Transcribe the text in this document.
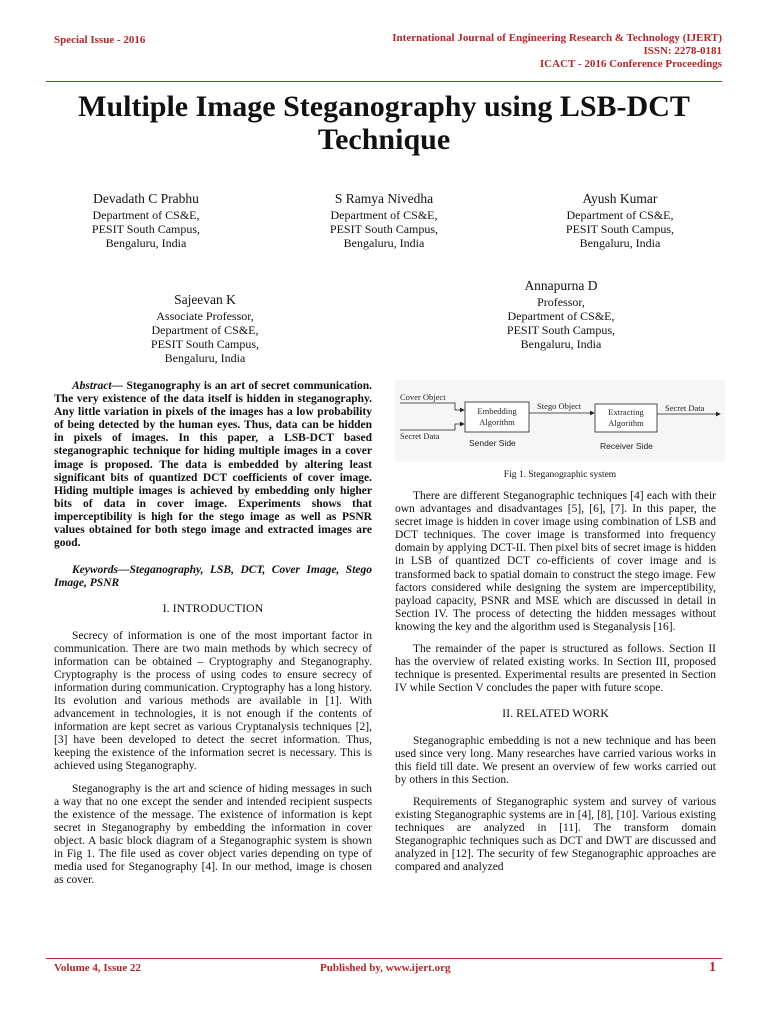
Special Issue - 2016	International Journal of Engineering Research & Technology (IJERT)
ISSN: 2278-0181
ICACT - 2016 Conference Proceedings
Multiple Image Steganography using LSB-DCT
Technique
Devadath C Prabhu
Department of CS&E,
PESIT South Campus,
Bengaluru, India
S Ramya Nivedha
Department of CS&E,
PESIT South Campus,
Bengaluru, India
Ayush Kumar
Department of CS&E,
PESIT South Campus,
Bengaluru, India
Annapurna D
Professor,
Department of CS&E,
PESIT South Campus,
Bengaluru, India
Sajeevan K
Associate Professor,
Department of CS&E,
PESIT South Campus,
Bengaluru, India

Abstract— Steganography is an art of secret communication. The very existence of the data itself is hidden in steganography. Any little variation in pixels of the images has a low probability of being detected by the human eyes. Thus, data can be hidden in pixels of images. In this paper, a LSB-DCT based steganographic technique for hiding multiple images in a cover image is proposed. The data is embedded by altering least significant bits of quantized DCT coefficients of cover image. Hiding multiple images is achieved by embedding only higher bits of data in cover image. Experiments shows that imperceptibility is high for the stego image as well as PSNR values obtained for both stego image and extracted images are good.

Keywords—Steganography, LSB, DCT, Cover Image, Stego Image, PSNR

I. INTRODUCTION

Secrecy of information is one of the most important factor in communication. There are two main methods by which secrecy of information can be obtained – Cryptography and Steganography. Cryptography is the process of using codes to ensure secrecy of information during communication. Cryptography has a long history. Its evolution and various methods are available in [1]. With advancement in technologies, it is not enough if the contents of information are kept secret as various Cryptanalysis techniques [2], [3] have been developed to detect the secret information. Thus, keeping the existence of the information secret is necessary. This is achieved using Steganography.

Steganography is the art and science of hiding messages in such a way that no one except the sender and intended recipient suspects the existence of the message. The existence of information is kept secret in Steganography by embedding the information in cover object. A basic block diagram of a Steganographic system is shown in Fig 1. The file used as cover object varies depending on type of media used for Steganography [4]. In our method, image is chosen as cover.

Cover Object
Secret Data
Embedding
Algorithm
Stego Object
Extracting
Algorithm
Secret Data
Sender Side	Receiver Side
Fig 1. Steganographic system

There are different Steganographic techniques [4] each with their own advantages and disadvantages [5], [6], [7]. In this paper, the secret image is hidden in cover image using combination of LSB and DCT techniques. The cover image is transformed into frequency domain by applying DCT-II. Then pixel bits of secret image is hidden in LSB of quantized DCT co-efficients of cover image and is transformed back to spatial domain to construct the stego image. Few factors considered while designing the system are imperceptibility, payload capacity, PSNR and MSE which are discussed in detail in Section IV. The process of detecting the hidden messages without knowing the key and the algorithm used is Steganalysis [16].

The remainder of the paper is structured as follows. Section II has the overview of related existing works. In Section III, proposed technique is presented. Experimental results are presented in Section IV while Section V concludes the paper with future scope.

II. RELATED WORK

Steganographic embedding is not a new technique and has been used since very long. Many researches have carried various works in this field till date. We present an overview of few works carried out by others in this Section.

Requirements of Steganographic system and survey of various existing Steganographic systems are in [4], [8], [10]. Various existing techniques are analyzed in [11]. The transform domain Steganographic techniques such as DCT and DWT are discussed and analyzed in [12]. The security of few Steganographic approaches are compared and analyzed

Volume 4, Issue 22	Published by, www.ijert.org	1
